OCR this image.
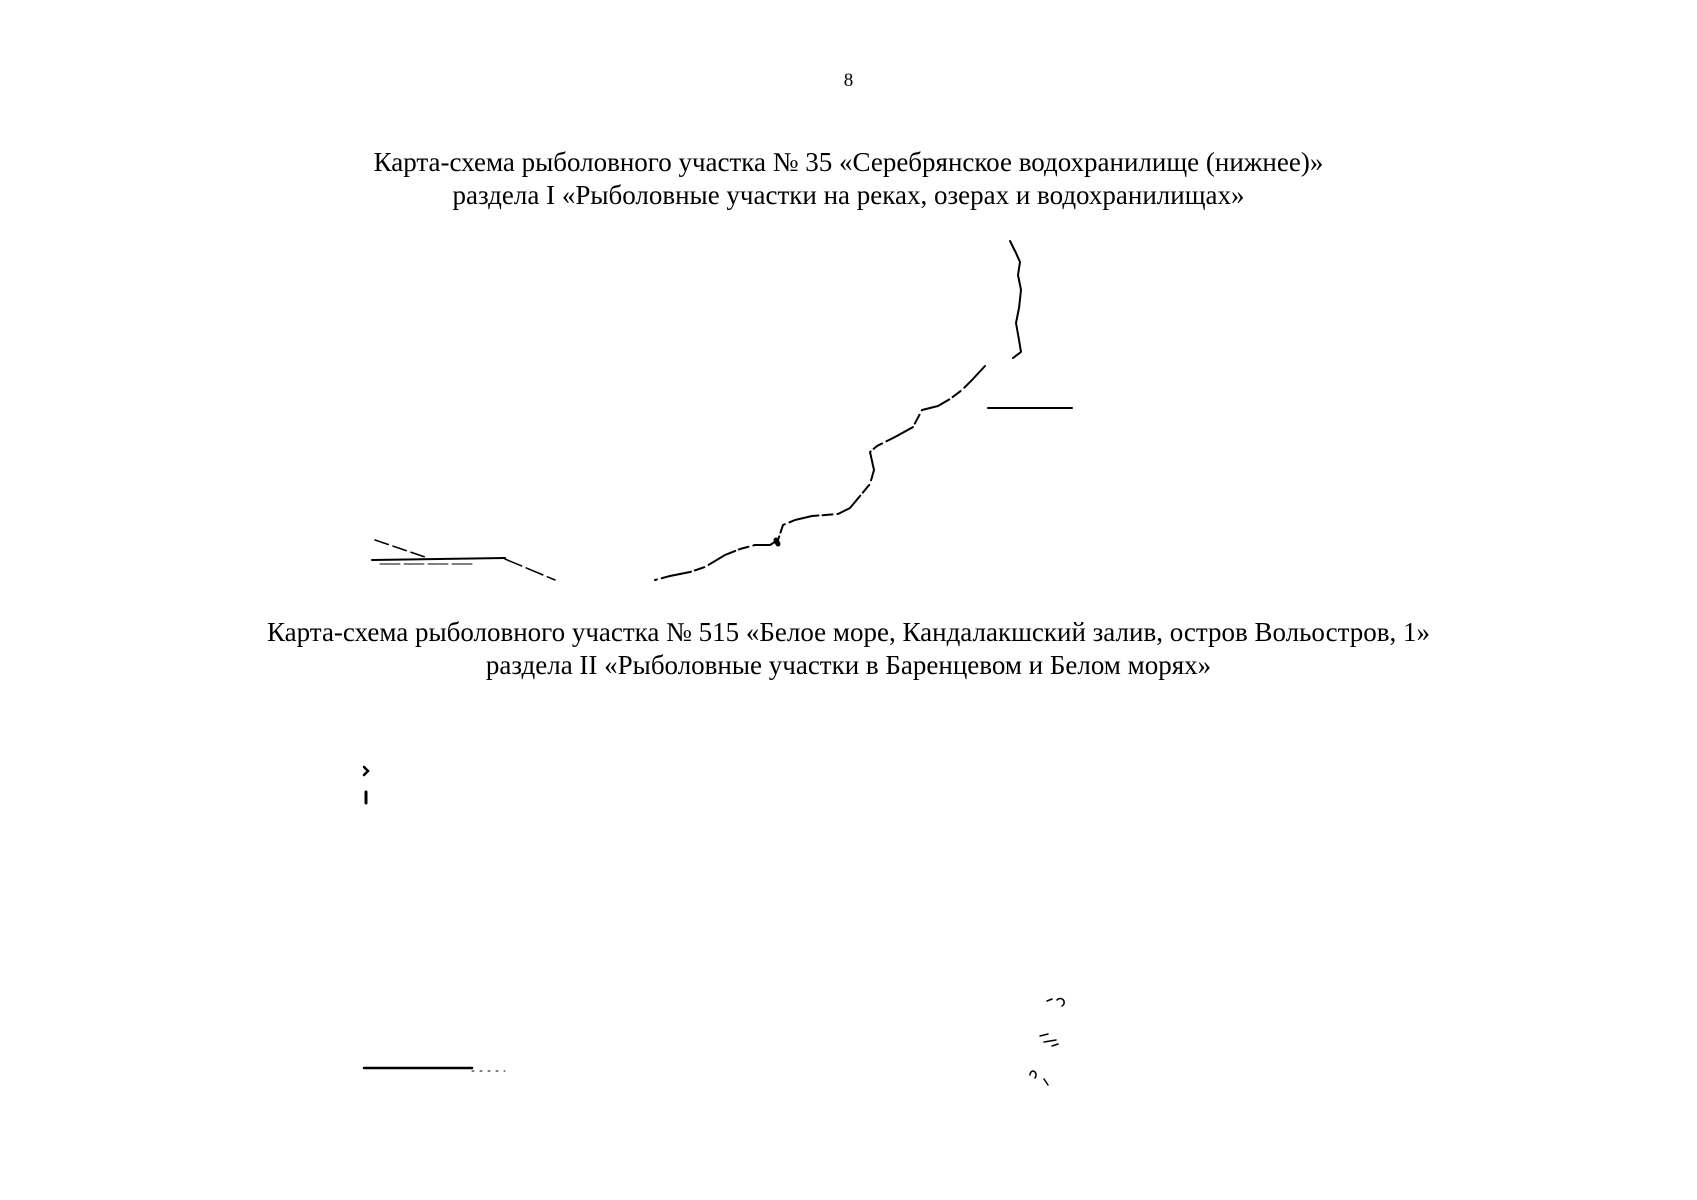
8
Карта-схема рыболовного участка № 35 «Серебрянское водохранилище (нижнее)»
раздела I «Рыболовные участки на реках, озерах и водохранилищах»
Карта-схема рыболовного участка № 515 «Белое море, Кандалакшский залив, остров Вольостров, 1»
раздела II «Рыболовные участки в Баренцевом и Белом морях»
